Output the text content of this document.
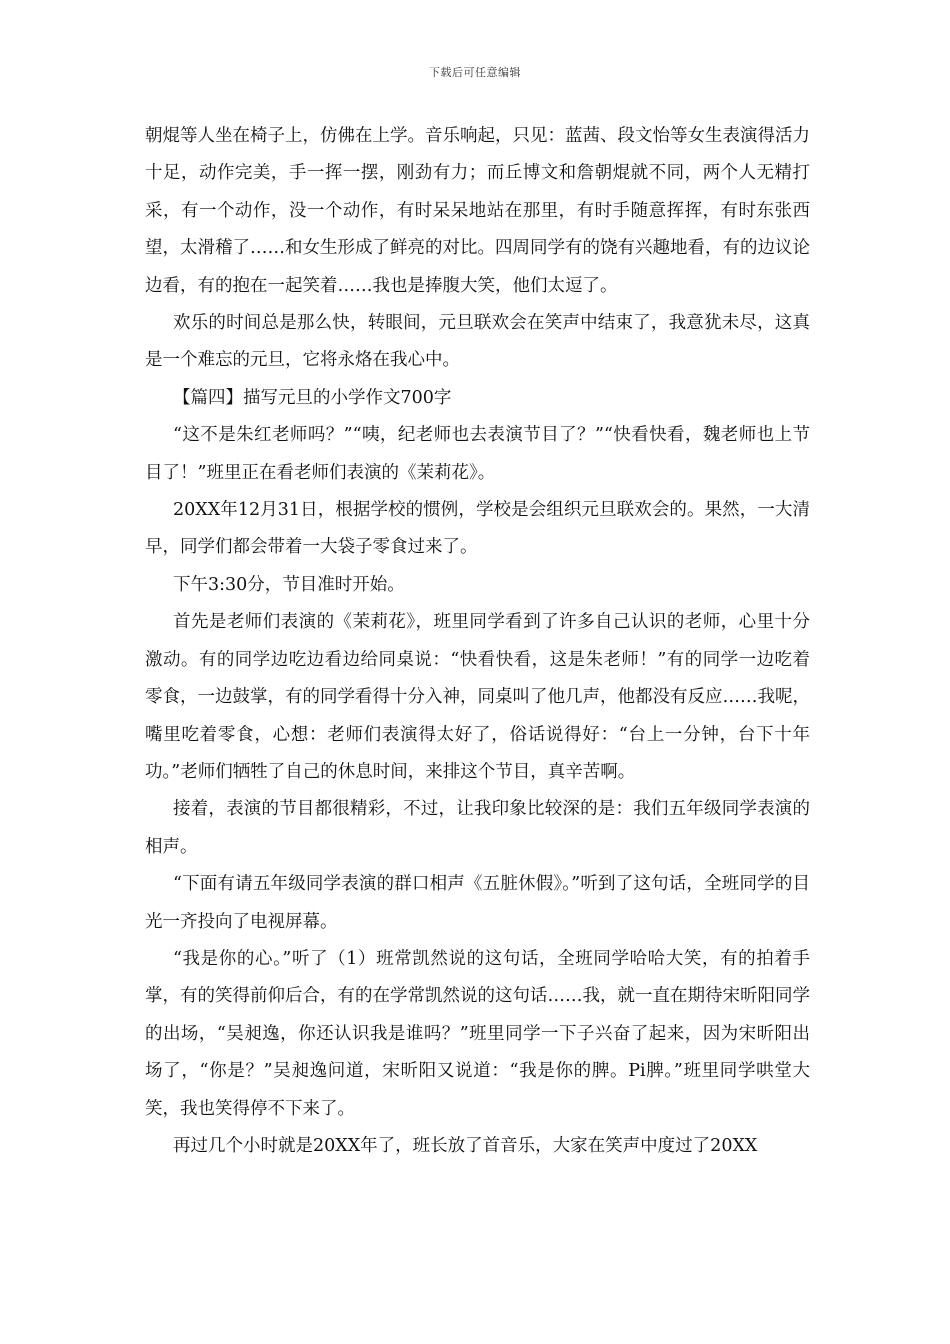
下载后可任意编辑

朝焜等人坐在椅子上，仿佛在上学。音乐响起，只见：蓝茜、段文怡等女生表演得活力十足，动作完美，手一挥一摆，刚劲有力；而丘博文和詹朝焜就不同，两个人无精打采，有一个动作，没一个动作，有时呆呆地站在那里，有时手随意挥挥，有时东张西望，太滑稽了……和女生形成了鲜亮的对比。四周同学有的饶有兴趣地看，有的边议论边看，有的抱在一起笑着……我也是捧腹大笑，他们太逗了。

欢乐的时间总是那么快，转眼间，元旦联欢会在笑声中结束了，我意犹未尽，这真是一个难忘的元旦，它将永烙在我心中。

【篇四】描写元旦的小学作文700字

“这不是朱红老师吗？”“咦，纪老师也去表演节目了？”“快看快看，魏老师也上节目了！”班里正在看老师们表演的《茉莉花》。

20XX年12月31日，根据学校的惯例，学校是会组织元旦联欢会的。果然，一大清早，同学们都会带着一大袋子零食过来了。

下午3:30分，节目准时开始。

首先是老师们表演的《茉莉花》，班里同学看到了许多自己认识的老师，心里十分激动。有的同学边吃边看边给同桌说：“快看快看，这是朱老师！”有的同学一边吃着零食，一边鼓掌，有的同学看得十分入神，同桌叫了他几声，他都没有反应……我呢，嘴里吃着零食，心想：老师们表演得太好了，俗话说得好：“台上一分钟，台下十年功。”老师们牺牲了自己的休息时间，来排这个节目，真辛苦啊。

接着，表演的节目都很精彩，不过，让我印象比较深的是：我们五年级同学表演的相声。

“下面有请五年级同学表演的群口相声《五脏休假》。”听到了这句话，全班同学的目光一齐投向了电视屏幕。

“我是你的心。”听了（1）班常凯然说的这句话，全班同学哈哈大笑，有的拍着手掌，有的笑得前仰后合，有的在学常凯然说的这句话……我，就一直在期待宋昕阳同学的出场，“吴昶逸，你还认识我是谁吗？”班里同学一下子兴奋了起来，因为宋昕阳出场了，“你是？”吴昶逸问道，宋昕阳又说道：“我是你的脾。Pi脾。”班里同学哄堂大笑，我也笑得停不下来了。

再过几个小时就是20XX年了，班长放了首音乐，大家在笑声中度过了20XX
